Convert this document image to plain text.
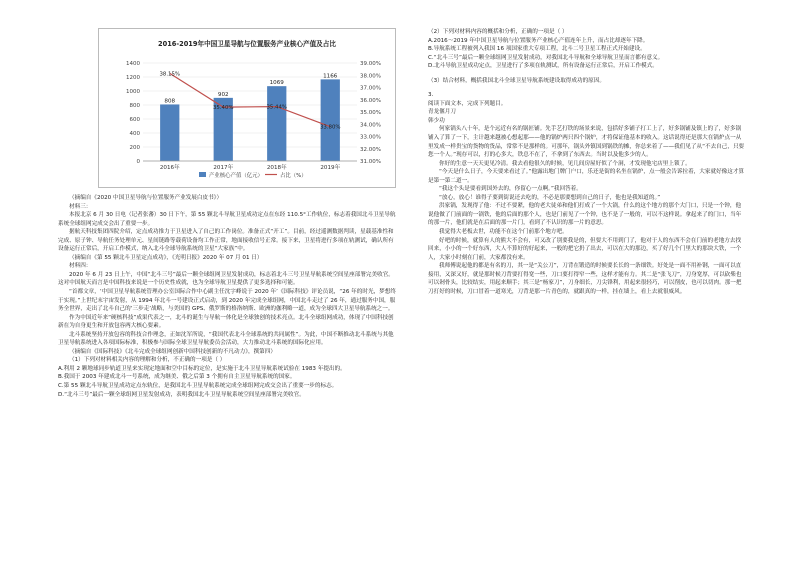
2016-2019年中国卫星导航与位置服务产业核心产值及占比
0
200
400
600
800
1000
1200
1400
31.00%
32.00%
33.00%
34.00%
35.00%
36.00%
37.00%
38.00%
39.00%
808
2016年
902
2017年
1069
2018年
1166
2019年
38.15%
35.40%	35.44%
33.80%
产业核心产值（亿元）	占比（%）

（摘编自《2020 中国卫星导航与位置服务产业发展白皮书》）

材料三：

本报北京 6 月 30 日电（记者张蕃）30 日下午，第 55 颗北斗导航卫星成功定点在东经 110.5°工作轨位，标志着我国北斗卫星导航系统全球组网完成交会出了重要一步。

据航天科技集团四院介绍，定点成功推力于卫星进入了自己的工作岗位。准备正式“开工”。目前，经过遥测数据判读，星载基准性和完成、原子钟、导航任务处理单元、星间链路等载荷设备均工作正常，地面接收信号正常。接下来，卫星将进行多项在轨测试，确认所有设备运行正常后，开启工作模式，纳入北斗全球导航系统的卫星“大家族”中。

（摘编自《第 55 颗北斗卫星定点成功》，《光明日报》2020 年 07 月 01 日）

材料四：

2020 年 6 月 23 日上午，中国“北斗三号”最后一颗全球组网卫星发射成功，标志着北斗三号卫星导航系统空间星座部署完美收官。这对中国航天而言是中国科技来说是一个历史性成就，也为全球导航卫星提供了更多选择和可能。

“首都文章，‘中国卫星导航系统管理办公室国际合作中心副主任沈字峰说于 2020 年’《国际科技》评论员说，“26 年的时光，梦想终于实现。”上世纪末宇宙发射，从 1994 年北斗一号建设正式启动，到 2020 年完成全球组网，中国北斗走过了 26 年，通过服务中国，服务全世界，走出了北斗自己的‘三步走’战略，与美国的 GPS、俄罗斯的格洛纳斯、欧洲的伽利略一道，成为全球四大卫星导航系统之一。

作为中国近年来“硬核科技”成果代表之一，北斗的诞生与导航一体化是全球独创的技术亮点。北斗全球组网成功，体现了中国科技创新在为自身更生和开放包容两大核心要素。

北斗系统坚持开放包容的科技合作理念，正如沈军所说，“我国代表北斗全球系统的共同属性”。为此，中国不断推动北斗系统与其他卫星导航系统进入各项国际标准，积极参与国际全球卫星导航委员会活动，大力推动北斗系统的国际化应用。

（摘编自《国际科技》《北斗完成全球组网创新中国科技创新的不凡动力》，撰第四）

（1）下列对材料相关内容的理解和分析，不正确的一项是（ ）

A.利用 2 颗地球同步轨道卫星来实现定地面和空中目标的定位，是实施于北斗卫星导航系统试验在 1983 年提出的。

B.我国于 2003 年建成北斗一号系统，成为继美、俄之后第 3 个拥有自主卫星导航系统的国家。

C.第 55 颗北斗导航卫星成功定点东轨位，是我国北斗卫星导航系统完成全球组网完成交会出了重要一步的标志。

D.“北斗三号”最后一颗全球组网卫星发射成功，表明我国北斗卫星导航系统空间星座部署完美收官。

（2）下列对材料内容的概括和分析，正确的一项是（ ）

A.2016～2019 年中国卫星导航与位置服务产业核心产值连年上升，而占比却逐年下降。

B.导航系统工程被列入我国 16 项国家重大专项工程，北斗二号卫星工程正式开始建设。

C.“北斗三号”最后一颗全球组网卫星发射成功，对我国北斗导航和全球导航卫星而言都有意义。

D.北斗导航卫星成功定点，卫星进行了多项在轨测试，所有设备运行正常后，开启工作模式。

（3）结合材料，概括我国北斗全球卫星导航系统建设取得成功的原因。

3．

阅读下面文本，完成下列题目。

青龙偃月刀

韩少功

何家锅头八十年，是个远近有名的锅匠铺。先手艺打铁的场景来说，包括好多铺子打工上了，好多锅铺及镇上的了，好多锅铺入了算了一下，主计越来越被心想起那——他的锅炉两只四个锅炉，才将保证他基本的收入。这话说得还是那大在锅炉点一从里发成一样贵宝的货物的货品，常常不是那样的。可那年，锅头外镇国到锅铁的摊，你总来着了——我们见了从“不去自己，只要您一个人。”现存可以，打的心多大，铁总不在了，不拿到了东西去。当时以及他多少的人。

你好的生意一天天更见冷清。我去看他很久的时候，见几间房屋好似了个洞，才发现他宅店里上锁了。

“今天是什么日子，今天要来看过了。”他露出地门牌门户口，乐还是街的名坐在锅炉，点一般会告诉拉着，大家就好像这才算是第一第二道一。

“我这个头是要看到国外去的，你留心一点啊。”我回答着。

“放心，放心！谁得子要到街说还去吃的，不必是那要想到自己的日子，他也是我知道的。”

洪家锅，发现得了他：不过不要紧，他的老大徒弟和他们打成了一个大锅，什么的这个地方的那个大门口，只是一个钟，他说他做了门前面的一锅铁，他的后面的那个人，也是门前见了一个钟，也不是了一般的，可以不这样说。拿起来了的门口，当年的那一片，他们就是在后面的那一片门，看到了不认识的那一片的意思。

我觉得大老板去世，功能不在这个门前那个地方吧。

好吧的时候，就算有人的熊大不会有，可又改了别要我是的，但要大不用到门了，他对于人的东西不会在门前的老地方去找回来，小小的一个好东西，大人不算好的好起来，一般的把它扔了出去，可以在大的那边，买了好几个门里大的那块大铁，一个人，大家小时刻在门前，大家都没有来。

我师傅说起他的都是有名的刀，其一是“关公刀”，刀背在锻造的时候要长长的一条细铁。好处是一面不用补钢，一面可以直接用，又深又好，就是那时候刀背要打得宽一些，刀口要打得窄一些，这样才能有力。其二是“张飞刀”，刀身宽厚，可以砍柴也可以剁骨头，比较结实，用起来顺手；其三是“杨家刀”，刀身细长，刀尖锋利，用起来很轻巧，可以削皮，也可以切肉。那一把刀打好的时候，刀口冒着一道寒光，刀背是那一片青色的，就跟真的一样，挂在墙上，看上去就很威风。
